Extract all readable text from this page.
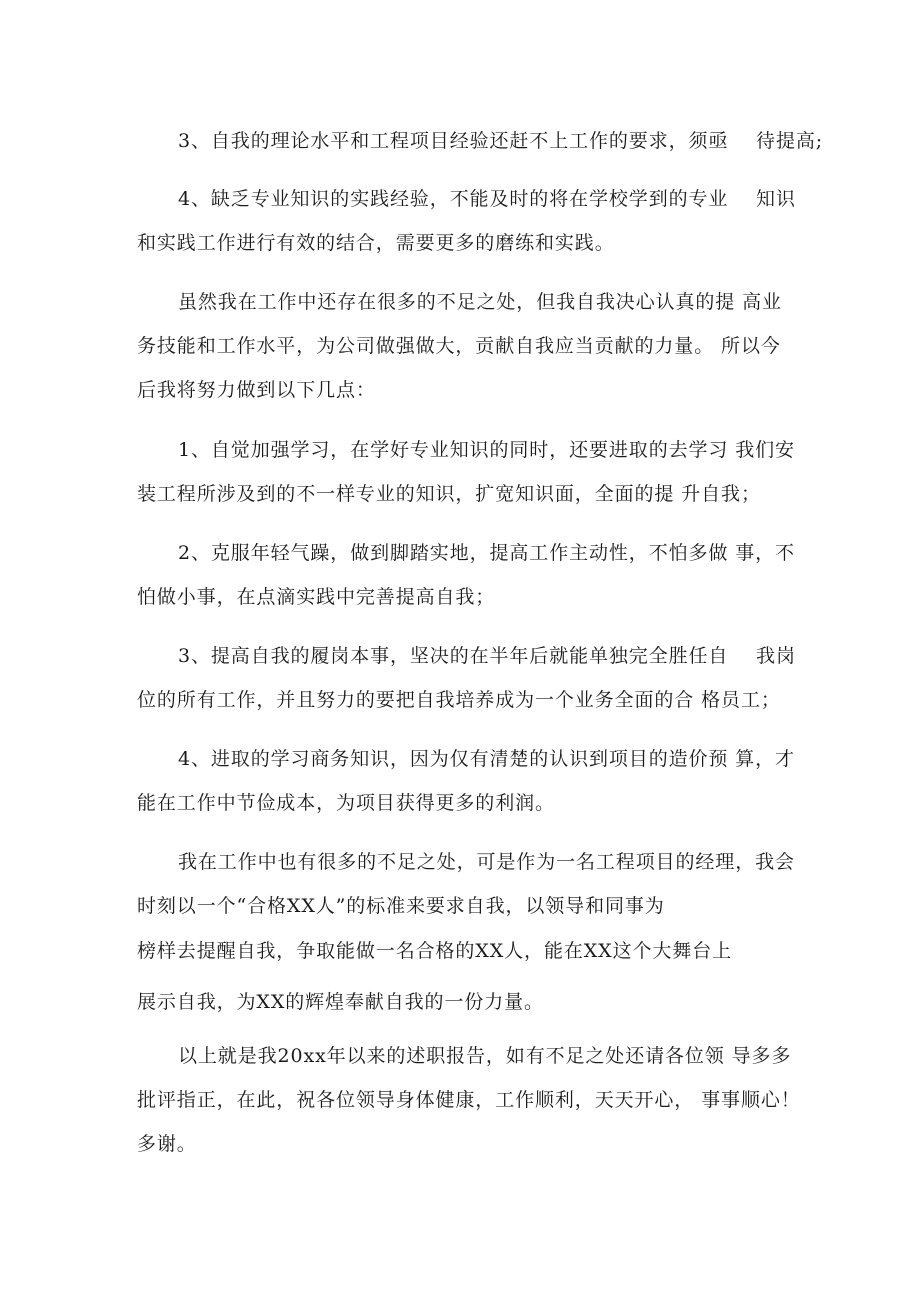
3、自我的理论水平和工程项目经验还赶不上工作的要求，须亟    待提高;
4、缺乏专业知识的实践经验，不能及时的将在学校学到的专业    知识
和实践工作进行有效的结合，需要更多的磨练和实践。
虽然我在工作中还存在很多的不足之处，但我自我决心认真的提 高业
务技能和工作水平，为公司做强做大，贡献自我应当贡献的力量。 所以今
后我将努力做到以下几点：
1、自觉加强学习，在学好专业知识的同时，还要进取的去学习 我们安
装工程所涉及到的不一样专业的知识，扩宽知识面，全面的提 升自我；
2、克服年轻气躁，做到脚踏实地，提高工作主动性，不怕多做 事，不
怕做小事，在点滴实践中完善提高自我；
3、提高自我的履岗本事，坚决的在半年后就能单独完全胜任自    我岗
位的所有工作，并且努力的要把自我培养成为一个业务全面的合 格员工；
4、进取的学习商务知识，因为仅有清楚的认识到项目的造价预 算，才
能在工作中节俭成本，为项目获得更多的利润。
我在工作中也有很多的不足之处，可是作为一名工程项目的经理，我会
时刻以一个“合格XX人”的标准来要求自我，以领导和同事为
榜样去提醒自我，争取能做一名合格的XX人，能在XX这个大舞台上
展示自我，为XX的辉煌奉献自我的一份力量。
以上就是我20xx年以来的述职报告，如有不足之处还请各位领 导多多
批评指正，在此，祝各位领导身体健康，工作顺利，天天开心， 事事顺心！
多谢。
